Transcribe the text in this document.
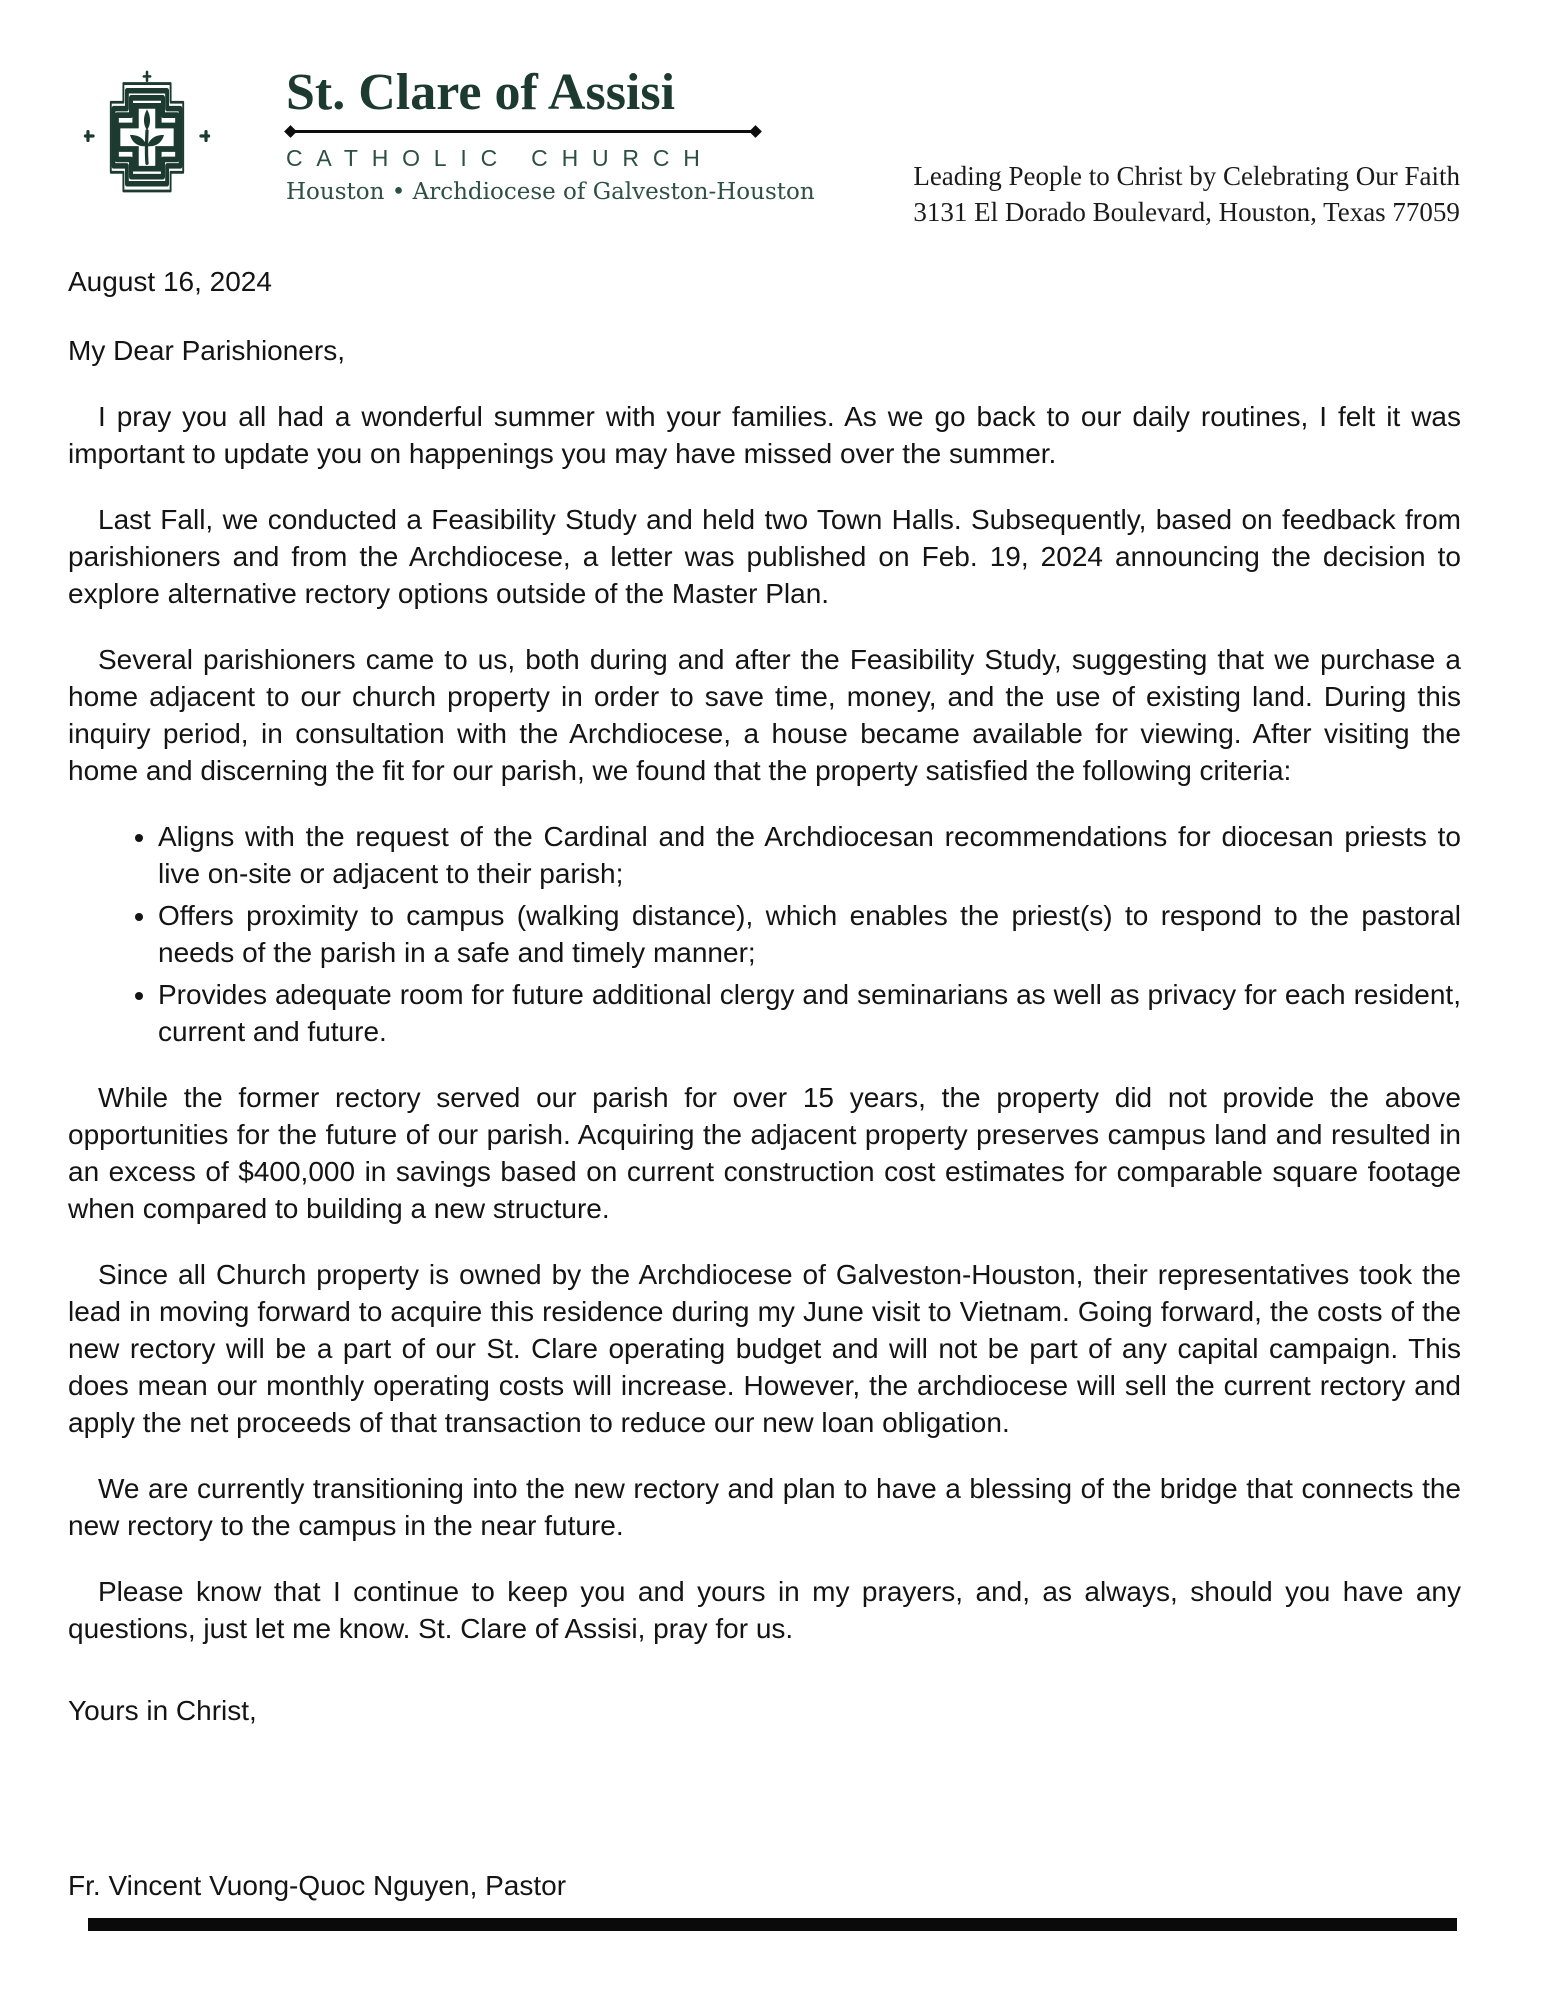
St. Clare of Assisi
CATHOLIC CHURCH
Houston • Archdiocese of Galveston-Houston
Leading People to Christ by Celebrating Our Faith
3131 El Dorado Boulevard, Houston, Texas 77059
August 16, 2024
My Dear Parishioners,

I pray you all had a wonderful summer with your families. As we go back to our daily routines, I felt it was important to update you on happenings you may have missed over the summer.

Last Fall, we conducted a Feasibility Study and held two Town Halls. Subsequently, based on feedback from parishioners and from the Archdiocese, a letter was published on Feb. 19, 2024 announcing the decision to explore alternative rectory options outside of the Master Plan.

Several parishioners came to us, both during and after the Feasibility Study, suggesting that we purchase a home adjacent to our church property in order to save time, money, and the use of existing land. During this inquiry period, in consultation with the Archdiocese, a house became available for viewing. After visiting the home and discerning the fit for our parish, we found that the property satisfied the following criteria:

• Aligns with the request of the Cardinal and the Archdiocesan recommendations for diocesan priests to live on-site or adjacent to their parish;
• Offers proximity to campus (walking distance), which enables the priest(s) to respond to the pastoral needs of the parish in a safe and timely manner;
• Provides adequate room for future additional clergy and seminarians as well as privacy for each resident, current and future.

While the former rectory served our parish for over 15 years, the property did not provide the above opportunities for the future of our parish. Acquiring the adjacent property preserves campus land and resulted in an excess of $400,000 in savings based on current construction cost estimates for comparable square footage when compared to building a new structure.

Since all Church property is owned by the Archdiocese of Galveston-Houston, their representatives took the lead in moving forward to acquire this residence during my June visit to Vietnam. Going forward, the costs of the new rectory will be a part of our St. Clare operating budget and will not be part of any capital campaign. This does mean our monthly operating costs will increase. However, the archdiocese will sell the current rectory and apply the net proceeds of that transaction to reduce our new loan obligation.

We are currently transitioning into the new rectory and plan to have a blessing of the bridge that connects the new rectory to the campus in the near future.

Please know that I continue to keep you and yours in my prayers, and, as always, should you have any questions, just let me know. St. Clare of Assisi, pray for us.

Yours in Christ,
Fr. Vincent Vuong-Quoc Nguyen, Pastor
